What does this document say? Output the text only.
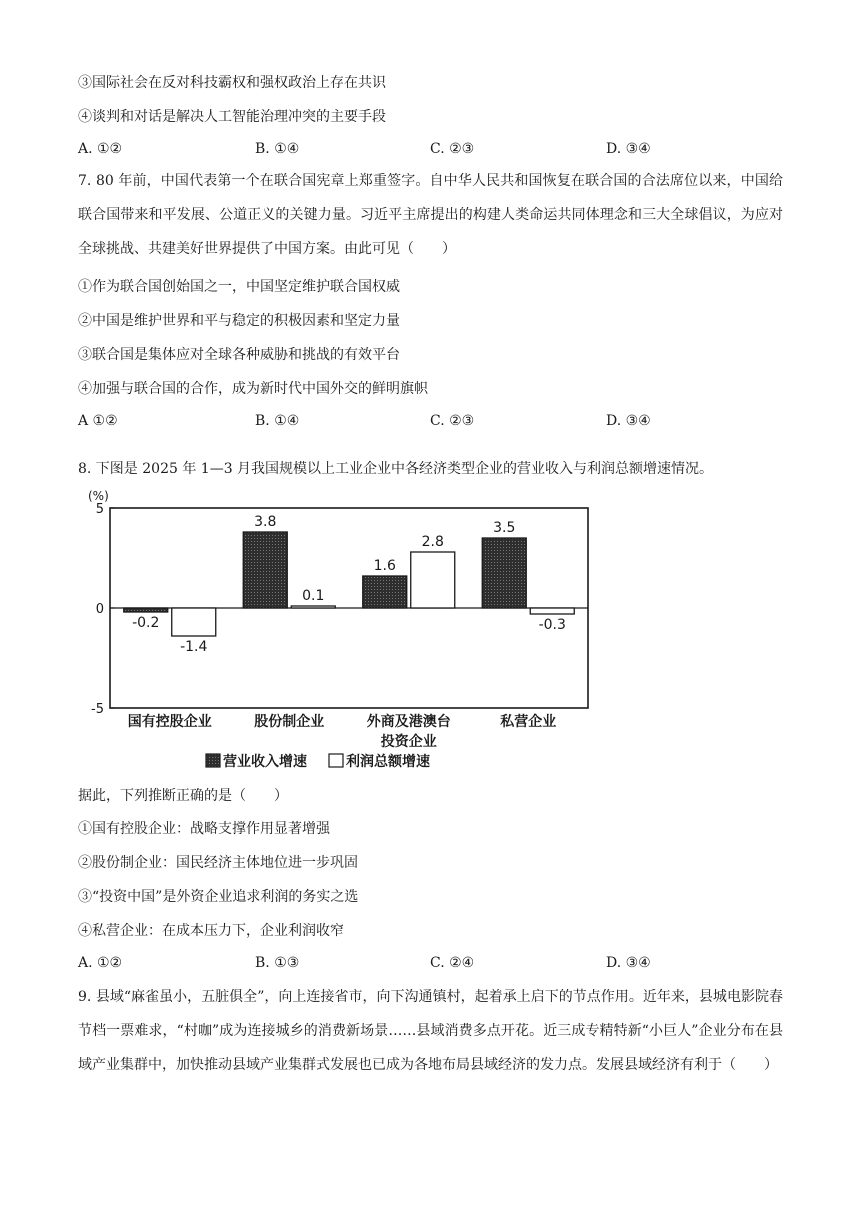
③国际社会在反对科技霸权和强权政治上存在共识
④谈判和对话是解决人工智能治理冲突的主要手段
A. ①②	B. ①④	C. ②③	D. ③④
7. 80 年前，中国代表第一个在联合国宪章上郑重签字。自中华人民共和国恢复在联合国的合法席位以来，中国给联合国带来和平发展、公道正义的关键力量。习近平主席提出的构建人类命运共同体理念和三大全球倡议，为应对全球挑战、共建美好世界提供了中国方案。由此可见（　　）
①作为联合国创始国之一，中国坚定维护联合国权威
②中国是维护世界和平与稳定的积极因素和坚定力量
③联合国是集体应对全球各种威胁和挑战的有效平台
④加强与联合国的合作，成为新时代中国外交的鲜明旗帜
A ①②	B. ①④	C. ②③	D. ③④
8. 下图是 2025 年 1—3 月我国规模以上工业企业中各经济类型企业的营业收入与利润总额增速情况。
(%)
5
0
-5
-0.2
-1.4
3.8
0.1
1.6
2.8
3.5
-0.3
国有控股企业	股份制企业	外商及港澳台
投资企业
私营企业
营业收入增速	利润总额增速
据此，下列推断正确的是（　　）
①国有控股企业：战略支撑作用显著增强
②股份制企业：国民经济主体地位进一步巩固
③“投资中国”是外资企业追求利润的务实之选
④私营企业：在成本压力下，企业利润收窄
A. ①②	B. ①③	C. ②④	D. ③④
9. 县域“麻雀虽小，五脏俱全”，向上连接省市，向下沟通镇村，起着承上启下的节点作用。近年来，县城电影院春节档一票难求，“村咖”成为连接城乡的消费新场景……县域消费多点开花。近三成专精特新“小巨人”企业分布在县域产业集群中，加快推动县域产业集群式发展也已成为各地布局县域经济的发力点。发展县域经济有利于（　　）
